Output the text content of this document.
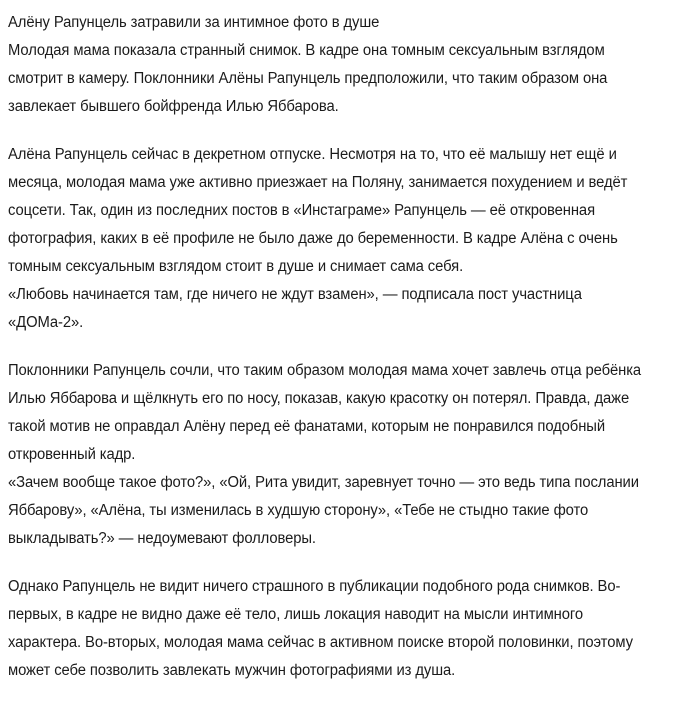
Алёну Рапунцель затравили за интимное фото в душе

Молодая мама показала странный снимок. В кадре она томным сексуальным взглядом смотрит в камеру. Поклонники Алёны Рапунцель предположили, что таким образом она завлекает бывшего бойфренда Илью Яббарова.

Алёна Рапунцель сейчас в декретном отпуске. Несмотря на то, что её малышу нет ещё и месяца, молодая мама уже активно приезжает на Поляну, занимается похудением и ведёт соцсети. Так, один из последних постов в «Инстаграме» Рапунцель — её откровенная фотография, каких в её профиле не было даже до беременности. В кадре Алёна с очень томным сексуальным взглядом стоит в душе и снимает сама себя.

«Любовь начинается там, где ничего не ждут взамен», — подписала пост участница «ДОМа-2».

Поклонники Рапунцель сочли, что таким образом молодая мама хочет завлечь отца ребёнка Илью Яббарова и щёлкнуть его по носу, показав, какую красотку он потерял. Правда, даже такой мотив не оправдал Алёну перед её фанатами, которым не понравился подобный откровенный кадр.

«Зачем вообще такое фото?», «Ой, Рита увидит, заревнует точно — это ведь типа послании Яббарову», «Алёна, ты изменилась в худшую сторону», «Тебе не стыдно такие фото выкладывать?» — недоумевают фолловеры.

Однако Рапунцель не видит ничего страшного в публикации подобного рода снимков. Во-первых, в кадре не видно даже её тело, лишь локация наводит на мысли интимного характера. Во-вторых, молодая мама сейчас в активном поиске второй половинки, поэтому может себе позволить завлекать мужчин фотографиями из душа.
